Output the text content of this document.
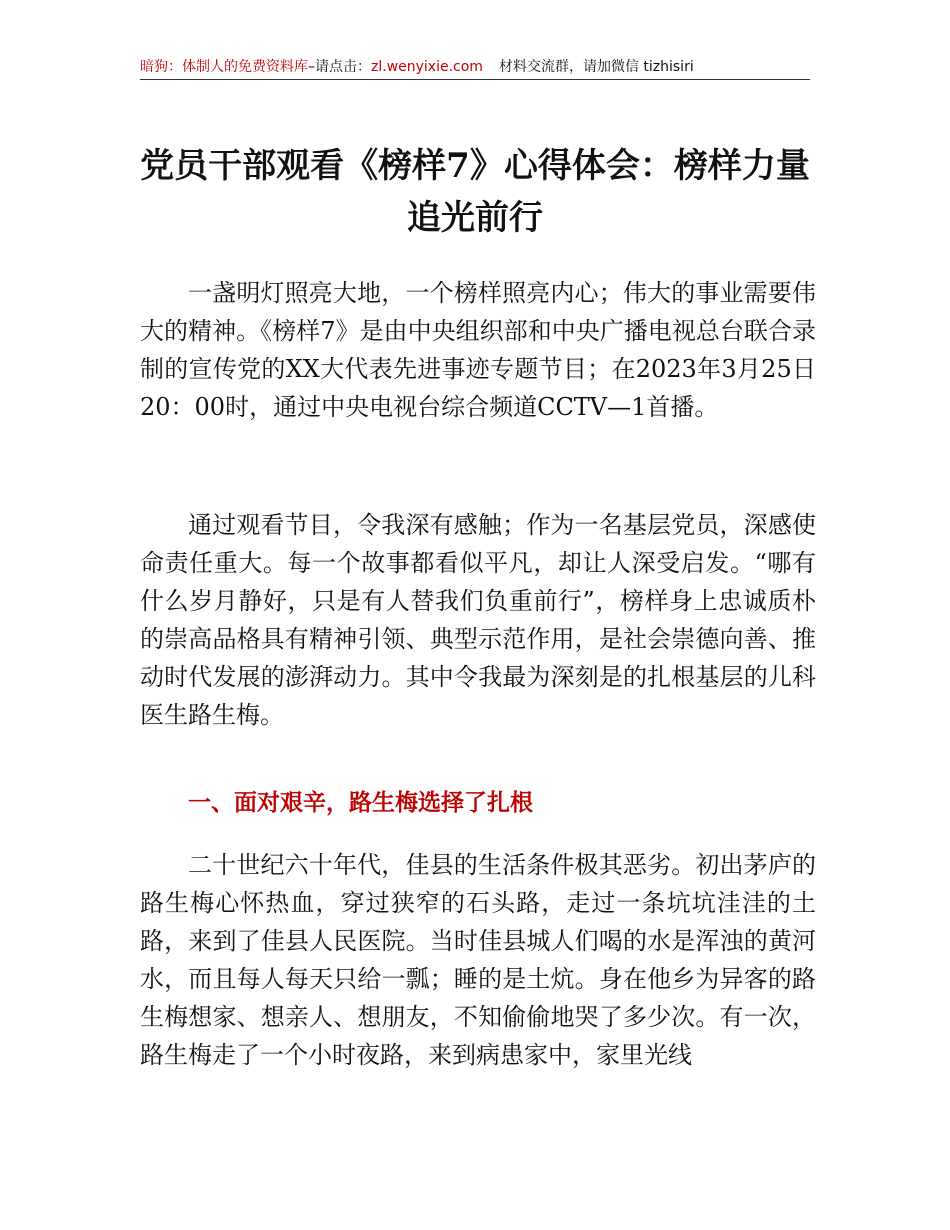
暗狗：体制人的免费资料库–请点击：zl.wenyixie.com 材料交流群，请加微信 tizhisiri
党员干部观看《榜样7》心得体会：榜样力量追光前行

一盏明灯照亮大地，一个榜样照亮内心；伟大的事业需要伟大的精神。《榜样7》是由中央组织部和中央广播电视总台联合录制的宣传党的XX大代表先进事迹专题节目；在2023年3月25日20：00时，通过中央电视台综合频道CCTV—1首播。

通过观看节目，令我深有感触；作为一名基层党员，深感使命责任重大。每一个故事都看似平凡，却让人深受启发。“哪有什么岁月静好，只是有人替我们负重前行”，榜样身上忠诚质朴的崇高品格具有精神引领、典型示范作用，是社会崇德向善、推动时代发展的澎湃动力。其中令我最为深刻是的扎根基层的儿科医生路生梅。

一、面对艰辛，路生梅选择了扎根

二十世纪六十年代，佳县的生活条件极其恶劣。初出茅庐的路生梅心怀热血，穿过狭窄的石头路，走过一条坑坑洼洼的土路，来到了佳县人民医院。当时佳县城人们喝的水是浑浊的黄河水，而且每人每天只给一瓢；睡的是土炕。身在他乡为异客的路生梅想家、想亲人、想朋友，不知偷偷地哭了多少次。有一次，路生梅走了一个小时夜路，来到病患家中，家里光线
